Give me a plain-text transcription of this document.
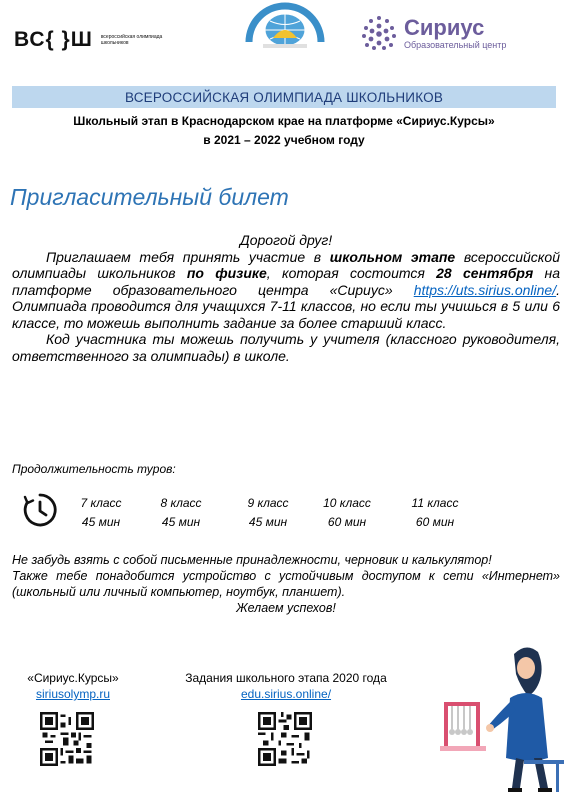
ВС{ }Ш всероссийская олимпиада школьников
Сириус
Образовательный центр
ВСЕРОССИЙСКАЯ ОЛИМПИАДА ШКОЛЬНИКОВ
Школьный этап в Краснодарском крае на платформе «Сириус.Курсы»
в 2021 – 2022 учебном году
Пригласительный билет

Дорогой друг!

Приглашаем тебя принять участие в школьном этапе всероссийской олимпиады школьников по физике, которая состоится 28 сентября на платформе образовательного центра «Сириус» https://uts.sirius.online/. Олимпиада проводится для учащихся 7-11 классов, но если ты учишься в 5 или 6 классе, то можешь выполнить задание за более старший класс.

Код участника ты можешь получить у учителя (классного руководителя, ответственного за олимпиады) в школе.

Продолжительность туров:
7 класс
45 мин
8 класс
45 мин
9 класс
45 мин
10 класс
60 мин
11 класс
60 мин

Не забудь взять с собой письменные принадлежности, черновик и калькулятор!

Также тебе понадобится устройство с устойчивым доступом к сети «Интернет» (школьный или личный компьютер, ноутбук, планшет).

Желаем успехов!

«Сириус.Курсы»
siriusolymp.ru
Задания школьного этапа 2020 года
edu.sirius.online/
